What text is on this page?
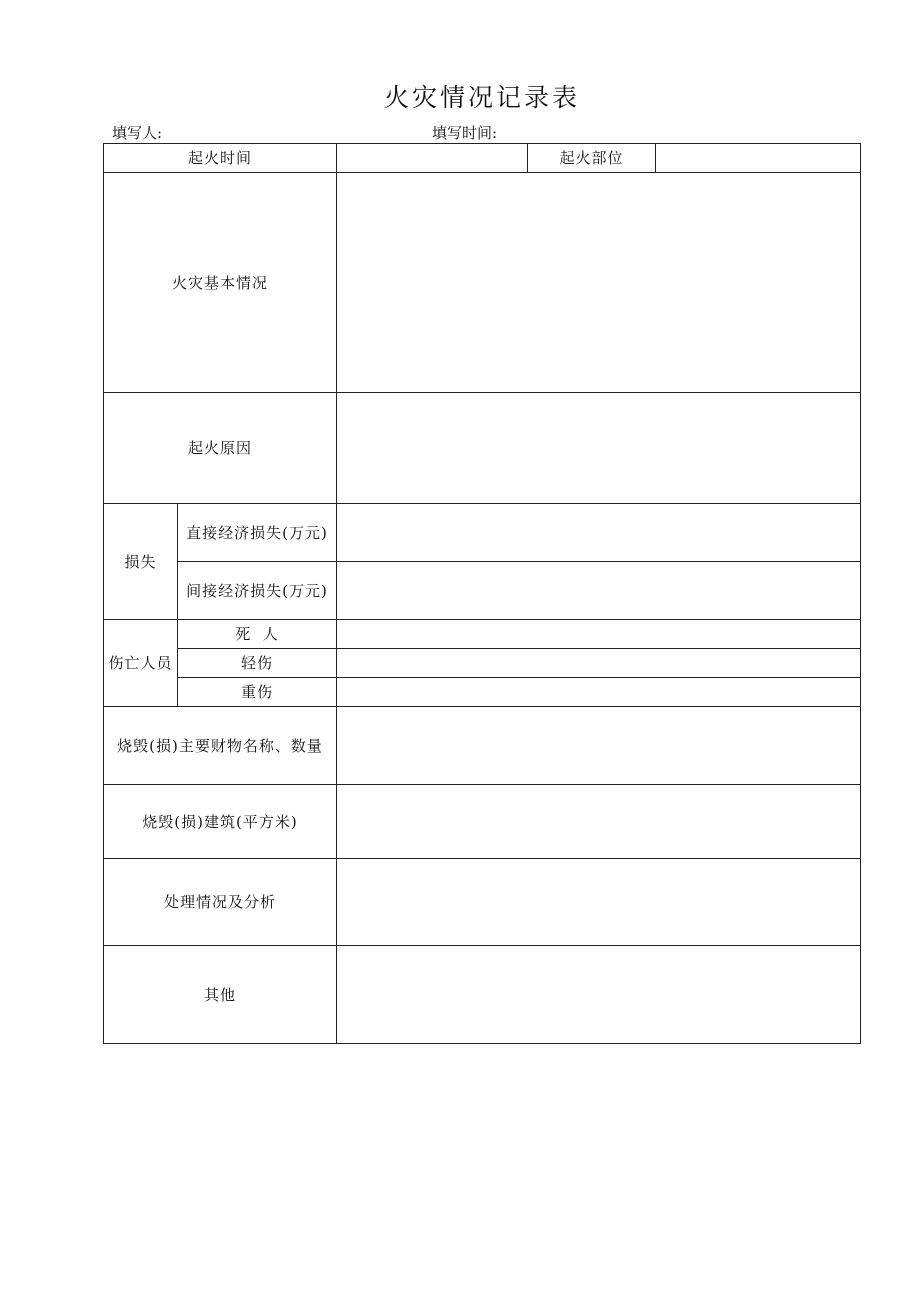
火灾情况记录表
填写人:	填写时间:
起火时间			起火部位	
火灾基本情况				
起火原因				
损失	直接经济损失(万元)			
	间接经济损失(万元)			
伤亡人员	死  人			
	轻伤			
	重伤			
烧毁(损)主要财物名称、数量				
烧毁(损)建筑(平方米)				
处理情况及分析				
其他				
